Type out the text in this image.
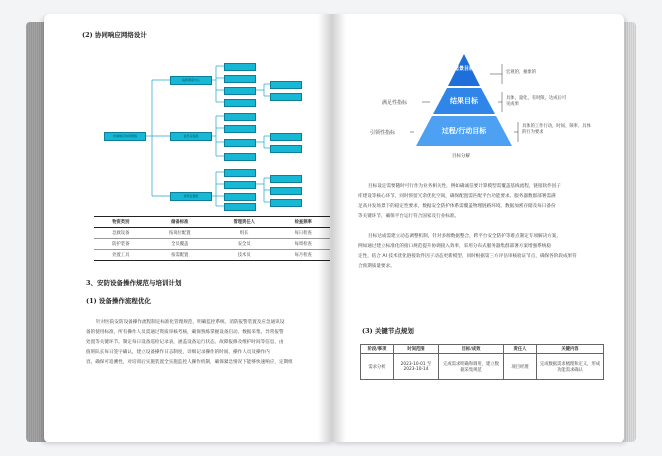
(2) 协同响应网络设计
快速响应协同网络
指挥调度中心
信息采集组
现场处置组
物资类别	储备标准	管理责任人	检查频率
急救设备	按岗位配置	组长	每日检查
防护装备	全员覆盖	安全员	每周检查
处置工具	按需配置	技术员	每月检查
3、安防设备操作规范与培训计划
(1) 设备操作流程优化
针对医院安防设备操作流程制定标准化管理规范，明确监控系统、消防报警装置及应急通讯设
备的使用标准，所有操作人员需通过资质审核考核，确保熟练掌握设备启动、数据采集、异常报警
处置等关键环节。制定每日设备巡检记录表，涵盖设备运行状态、故障报修及维护时间等信息，由
值班队长每日签字确认，建立设备操作日志制度，详细记录操作的时间、操作人员及操作内
容，确保可追溯性，对培训后实施装置全实施监控人操作机制，确保紧急情况下能够快速响应，定期组
愿景目标
结果目标
过程/行动目标
满足性指标
引领性指标
宏观的，抽象的
具体，量化，有时限，达成后可见成果
具体的工作行动，时间、频率、具体的行为要求
目标分解
目标设定需要随时可行作为业务相关性，例如确诚信要计算模型需覆盖基线流程，链接软件因子
库建设等核心环节，同时预留冗余优化空间，确保配置需匹配平台功能要求。服务器数群部署需满
足高并发场景下的稳定性要求，数据安全防护体系需覆盖物理链路环境、数据加密存储及每日备份
等关键环节，确保平台运行符合国家及行业标准。
目标达成需建立动态调整机制，针对多源数据整合，跨平台安全防护等难点制定专项解决方案，
例如通过建立标准化的接口规范提升协调接入效率，采用分布式服务器集群部署方案增强系统稳
定性，结合 AI 技术优化链接软件因子动态更新模型，同时根据第三方评估审核验证节点，确保各阶段成果符
合预期质量要求。
(3) 关键节点规划
阶段/事项	时间范围	目标/成效	责任人	关键内容
需求分析	2023-10-01 至 2023-10-14	完成需求明确和调用，建立数据采集规范	项目经理	完成数据需求梳理和定义，形成功能需求确认
